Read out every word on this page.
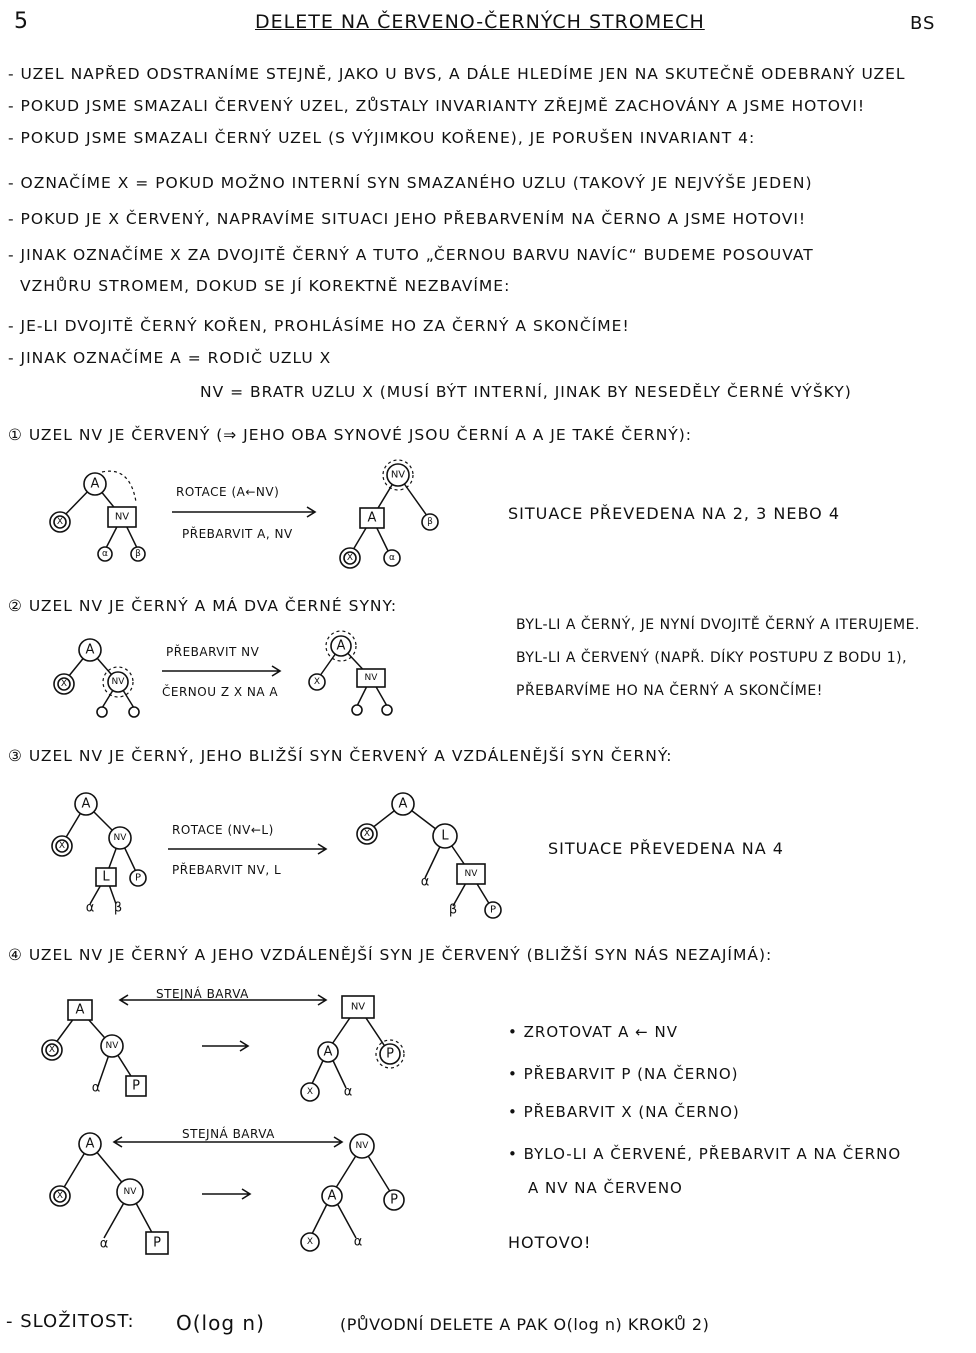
5	DELETE NA ČERVENO-ČERNÝCH STROMECH	BS
- UZEL NAPŘED ODSTRANÍME STEJNĚ, JAKO U BVS, A DÁLE HLEDÍME JEN NA SKUTEČNĚ ODEBRANÝ UZEL
- POKUD JSME SMAZALI ČERVENÝ UZEL, ZŮSTALY INVARIANTY ZŘEJMĚ ZACHOVÁNY A JSME HOTOVI!
- POKUD JSME SMAZALI ČERNÝ UZEL (S VÝJIMKOU KOŘENE), JE PORUŠEN INVARIANT 4:
- OZNAČÍME X = POKUD MOŽNO INTERNÍ SYN SMAZANÉHO UZLU (TAKOVÝ JE NEJVÝŠE JEDEN)
- POKUD JE X ČERVENÝ, NAPRAVÍME SITUACI JEHO PŘEBARVENÍM NA ČERNO A JSME HOTOVI!
- JINAK OZNAČÍME X ZA DVOJITĚ ČERNÝ A TUTO „ČERNOU BARVU NAVÍC“ BUDEME POSOUVAT
VZHŮRU STROMEM, DOKUD SE JÍ KOREKTNĚ NEZBAVÍME:
- JE-LI DVOJITĚ ČERNÝ KOŘEN, PROHLÁSÍME HO ZA ČERNÝ A SKONČÍME!
- JINAK OZNAČÍME A = RODIČ UZLU X
NV = BRATR UZLU X (MUSÍ BÝT INTERNÍ, JINAK BY NESEDĚLY ČERNÉ VÝŠKY)
① UZEL NV JE ČERVENÝ (⇒ JEHO OBA SYNOVÉ JSOU ČERNÍ A A JE TAKÉ ČERNÝ):
A
X	NV
α	β
ROTACE (A←NV)
PŘEBARVIT A, NV
NV
A	β
X	α
SITUACE PŘEVEDENA NA 2, 3 NEBO 4
② UZEL NV JE ČERNÝ A MÁ DVA ČERNÉ SYNY:
A
X	NV
PŘEBARVIT NV
ČERNOU Z X NA A
A
X	NV
BYL-LI A ČERNÝ, JE NYNÍ DVOJITĚ ČERNÝ A ITERUJEME.
BYL-LI A ČERVENÝ (NAPŘ. DÍKY POSTUPU Z BODU 1),
PŘEBARVÍME HO NA ČERNÝ A SKONČÍME!
③ UZEL NV JE ČERNÝ, JEHO BLIŽŠÍ SYN ČERVENÝ A VZDÁLENĚJŠÍ SYN ČERNÝ:
A
X
NV
L	P
α β
ROTACE (NV←L)
PŘEBARVIT NV, L
A
X	L
α
NV
β	P
SITUACE PŘEVEDENA NA 4
④ UZEL NV JE ČERNÝ A JEHO VZDÁLENĚJŠÍ SYN JE ČERVENÝ (BLIŽŠÍ SYN NÁS NEZAJÍMÁ):
STEJNÁ BARVA
A
X	NV
α P
NV
A	P
X α
STEJNÁ BARVA
A
X	NV
α	P
NV
A	P
X	α
• ZROTOVAT A ← NV
• PŘEBARVIT P (NA ČERNO)
• PŘEBARVIT X (NA ČERNO)
• BYLO-LI A ČERVENÉ, PŘEBARVIT A NA ČERNO
A NV NA ČERVENO
HOTOVO!
- SLOŽITOST: O(log n)	(PŮVODNÍ DELETE A PAK O(log n) KROKŮ 2)
